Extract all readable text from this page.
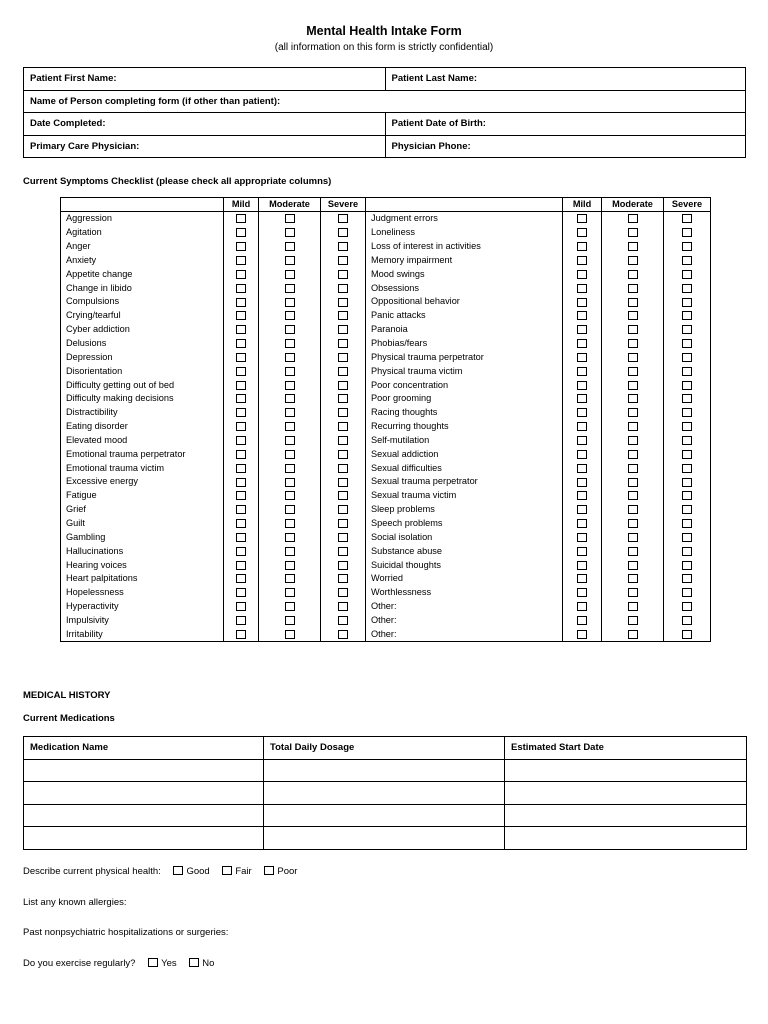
Mental Health Intake Form
(all information on this form is strictly confidential)
Patient First Name:	Patient Last Name:
Name of Person completing form (if other than patient):	
Date Completed:	Patient Date of Birth:
Primary Care Physician:	Physician Phone:
Current Symptoms Checklist (please check all appropriate columns)
	Mild	Moderate	Severe		Mild	Moderate	Severe
Aggression				Judgment errors			
Agitation				Loneliness			
Anger				Loss of interest in activities			
Anxiety				Memory impairment			
Appetite change				Mood swings			
Change in libido				Obsessions			
Compulsions				Oppositional behavior			
Crying/tearful				Panic attacks			
Cyber addiction				Paranoia			
Delusions				Phobias/fears			
Depression				Physical trauma perpetrator			
Disorientation				Physical trauma victim			
Difficulty getting out of bed				Poor concentration			
Difficulty making decisions				Poor grooming			
Distractibility				Racing thoughts			
Eating disorder				Recurring thoughts			
Elevated mood				Self-mutilation			
Emotional trauma perpetrator				Sexual addiction			
Emotional trauma victim				Sexual difficulties			
Excessive energy				Sexual trauma perpetrator			
Fatigue				Sexual trauma victim			
Grief				Sleep problems			
Guilt				Speech problems			
Gambling				Social isolation			
Hallucinations				Substance abuse			
Hearing voices				Suicidal thoughts			
Heart palpitations				Worried			
Hopelessness				Worthlessness			
Hyperactivity				Other:			
Impulsivity				Other:			
Irritability				Other:			
MEDICAL HISTORY
Current Medications
Medication Name	Total Daily Dosage	Estimated Start Date

Describe current physical health:	Good	Fair	Poor
List any known allergies:
Past nonpsychiatric hospitalizations or surgeries:
Do you exercise regularly?	Yes	No
